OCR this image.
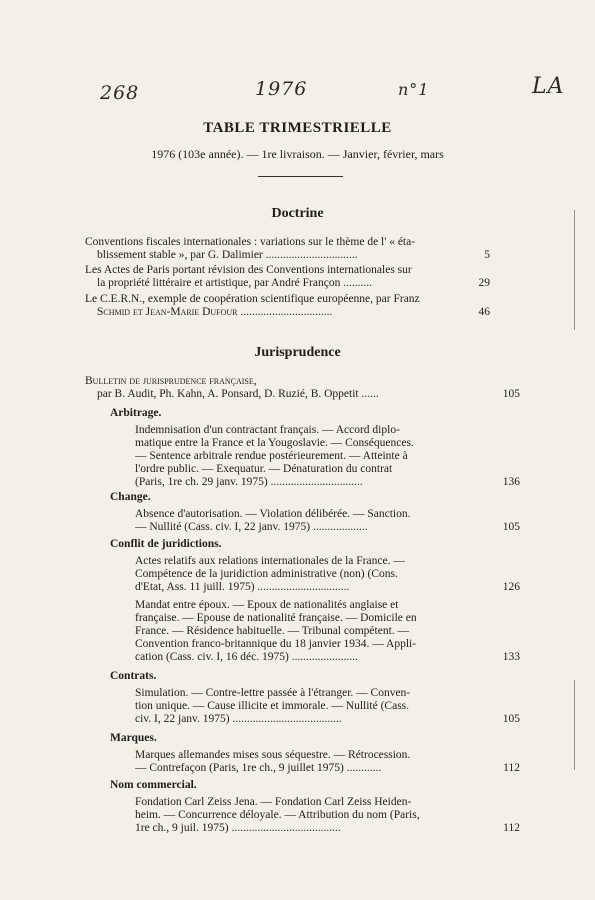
268	1976	n°1	LA
TABLE TRIMESTRIELLE
1976 (103e année). — 1re livraison. — Janvier, février, mars
Doctrine
Conventions fiscales internationales : variations sur le thème de l' « éta-
blissement stable », par G. Dalimier ................................	5
Les Actes de Paris portant révision des Conventions internationales sur
la propriété littéraire et artistique, par André Françon ..........	29
Le C.E.R.N., exemple de coopération scientifique européenne, par Franz
Schmid et Jean-Marie Dufour ................................	46
Jurisprudence
Bulletin de jurisprudence française,
par B. Audit, Ph. Kahn, A. Ponsard, D. Ruzié, B. Oppetit ......	105
Arbitrage.
Indemnisation d'un contractant français. — Accord diplo-
matique entre la France et la Yougoslavie. — Conséquences.
— Sentence arbitrale rendue postérieurement. — Atteinte à
l'ordre public. — Exequatur. — Dénaturation du contrat
(Paris, 1re ch. 29 janv. 1975) ................................	136
Change.
Absence d'autorisation. — Violation délibérée. — Sanction.
— Nullité (Cass. civ. I, 22 janv. 1975) ...................	105
Conflit de juridictions.
Actes relatifs aux relations internationales de la France. —
Compétence de la juridiction administrative (non) (Cons.
d'Etat, Ass. 11 juill. 1975) ................................	126
Mandat entre époux. — Epoux de nationalités anglaise et
française. — Epouse de nationalité française. — Domicile en
France. — Résidence habituelle. — Tribunal compétent. —
Convention franco-britannique du 18 janvier 1934. — Appli-
cation (Cass. civ. I, 16 déc. 1975) .......................	133
Contrats.
Simulation. — Contre-lettre passée à l'étranger. — Conven-
tion unique. — Cause illicite et immorale. — Nullité (Cass.
civ. I, 22 janv. 1975) ......................................	105
Marques.
Marques allemandes mises sous séquestre. — Rétrocession.
— Contrefaçon (Paris, 1re ch., 9 juillet 1975) ............	112
Nom commercial.
Fondation Carl Zeiss Jena. — Fondation Carl Zeiss Heiden-
heim. — Concurrence déloyale. — Attribution du nom (Paris,
1re ch., 9 juil. 1975) ......................................	112
